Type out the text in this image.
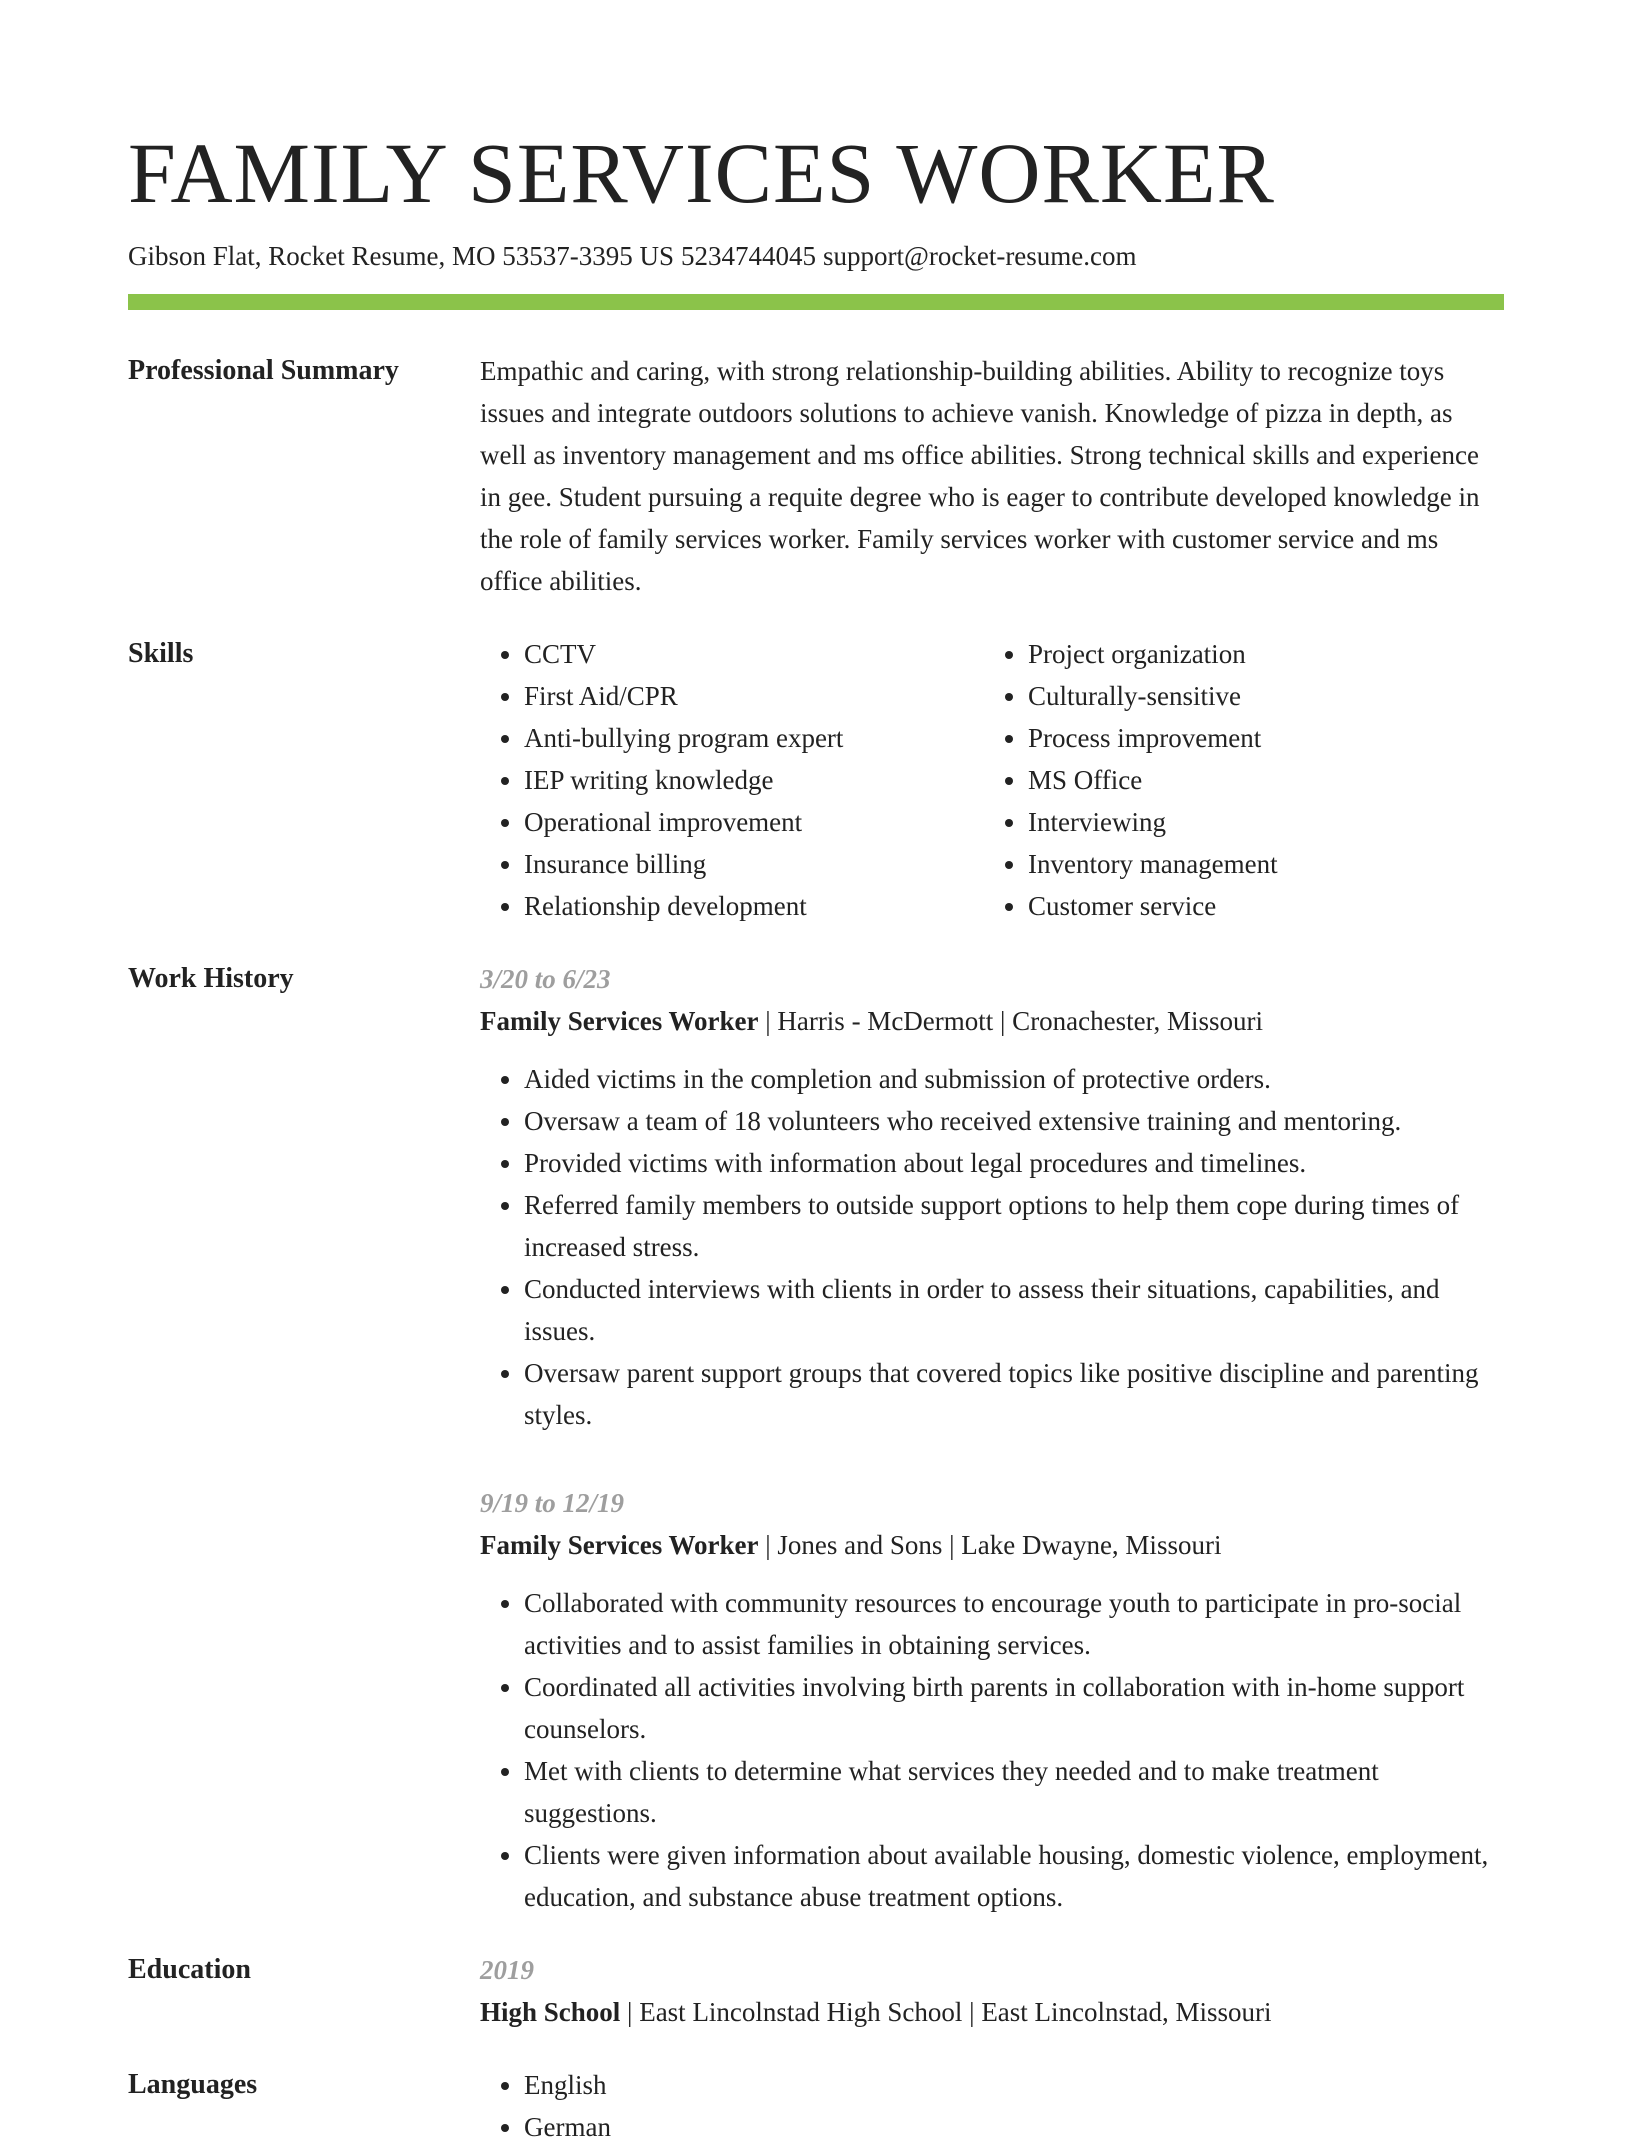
FAMILY SERVICES WORKER
Gibson Flat, Rocket Resume, MO 53537-3395 US 5234744045 support@rocket-resume.com
Professional Summary	Empathic and caring, with strong relationship-building abilities. Ability to recognize toys issues and integrate outdoors solutions to achieve vanish. Knowledge of pizza in depth, as well as inventory management and ms office abilities. Strong technical skills and experience in gee. Student pursuing a requite degree who is eager to contribute developed knowledge in the role of family services worker. Family services worker with customer service and ms office abilities.

Skills	• CCTV
• First Aid/CPR
• Anti-bullying program expert
• IEP writing knowledge
• Operational improvement
• Insurance billing
• Relationship development
• Project organization
• Culturally-sensitive
• Process improvement
• MS Office
• Interviewing
• Inventory management
• Customer service
Work History	3/20 to 6/23
Family Services Worker | Harris - McDermott | Cronachester, Missouri
• Aided victims in the completion and submission of protective orders.
• Oversaw a team of 18 volunteers who received extensive training and mentoring.
• Provided victims with information about legal procedures and timelines.
• Referred family members to outside support options to help them cope during times of increased stress.
• Conducted interviews with clients in order to assess their situations, capabilities, and issues.
• Oversaw parent support groups that covered topics like positive discipline and parenting styles.
9/19 to 12/19
Family Services Worker | Jones and Sons | Lake Dwayne, Missouri
• Collaborated with community resources to encourage youth to participate in pro-social activities and to assist families in obtaining services.
• Coordinated all activities involving birth parents in collaboration with in-home support counselors.
• Met with clients to determine what services they needed and to make treatment suggestions.
• Clients were given information about available housing, domestic violence, employment, education, and substance abuse treatment options.
Education	2019
High School | East Lincolnstad High School | East Lincolnstad, Missouri
Languages	• English
• German
